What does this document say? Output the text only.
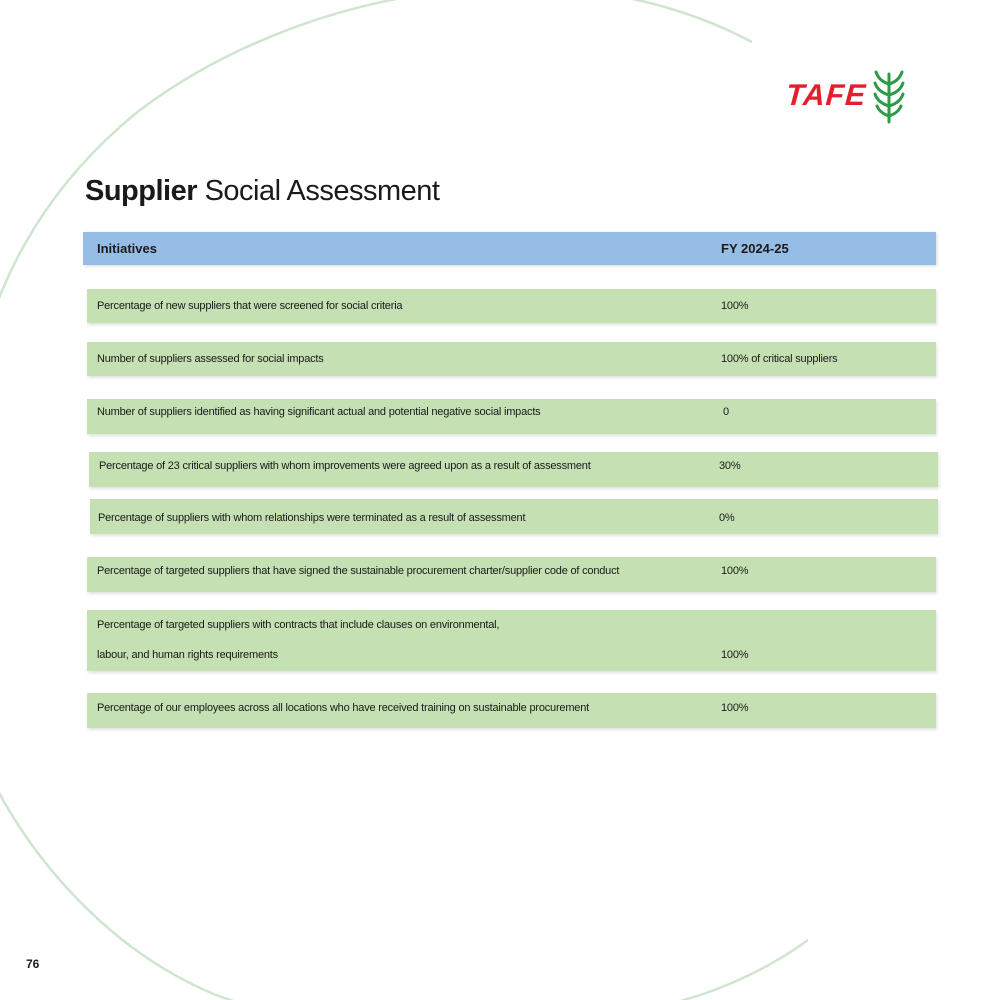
TAFE
Supplier Social Assessment
Initiatives	FY 2024-25
Percentage of new suppliers that were screened for social criteria	100%
Number of suppliers assessed for social impacts	100% of critical suppliers
Number of suppliers identified as having significant actual and potential negative social impacts	0
Percentage of 23 critical suppliers with whom improvements were agreed upon as a result of assessment	30%
Percentage of suppliers with whom relationships were terminated as a result of assessment	0%
Percentage of targeted suppliers that have signed the sustainable procurement charter/supplier code of conduct	100%
Percentage of targeted suppliers with contracts that include clauses on environmental,
labour, and human rights requirements	100%
Percentage of our employees across all locations who have received training on sustainable procurement	100%
76
